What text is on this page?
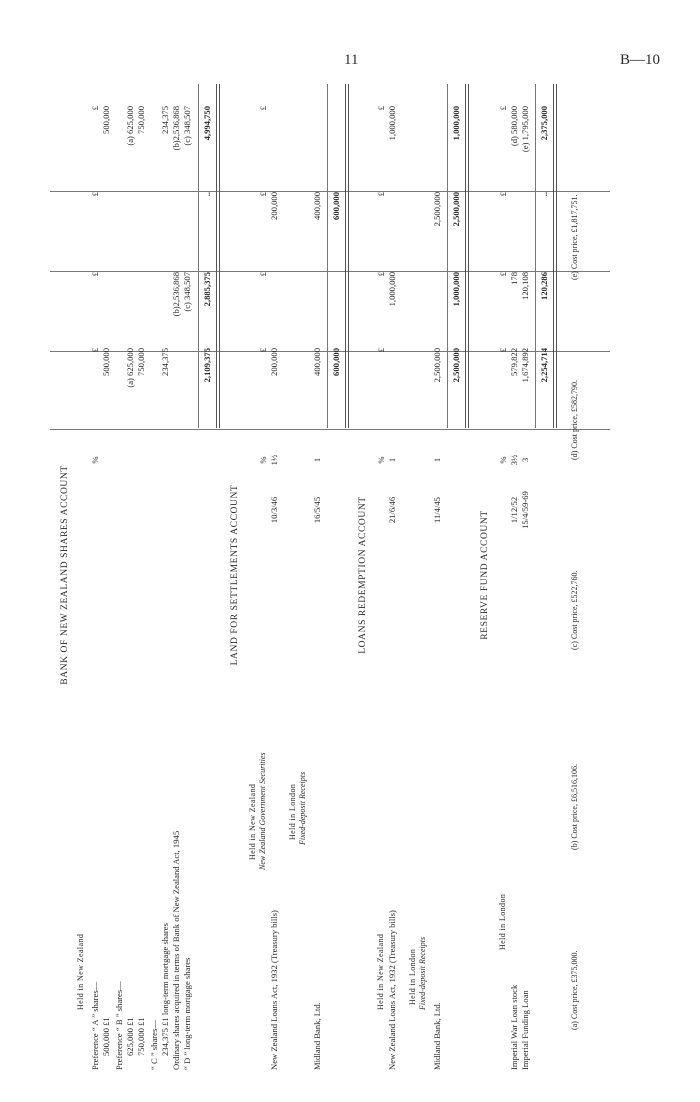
11	B—10
BANK OF NEW ZEALAND SHARES ACCOUNT
Held in New Zealand
%
£
£
£
£
Preference “ A ” shares— 500,000 £1
500,000
500,000
Preference “ B ” shares— 625,000 £1
(a) 625,000
(a) 625,000
750,000 £1
750,000
750,000
“ C ” shares— 234,375 £1 long-term mortgage shares
234,375
234,375
Ordinary shares acquired in terms of Bank of New Zealand Act, 1945
(b)2,536,868
(b)2,536,868
“ D ” long-term mortgage shares
(c) 348,507
(c) 348,507
2,109,375
2,885,375
..
4,994,750
LAND FOR SETTLEMENTS ACCOUNT
Held in New Zealand New Zealand Government Securities
%
£
£
£
£
New Zealand Loans Act, 1932 (Treasury bills)
10/3/46
1½
200,000
200,000
Held in London Fixed-deposit Receipts
Midland Bank, Ltd.
16/5/45
1
400,000
400,000
600,000
600,000
LOANS REDEMPTION ACCOUNT
Held in New Zealand
%
£
£
£
£
New Zealand Loans Act, 1932 (Treasury bills)
21/6/46
1
1,000,000
1,000,000
Held in London Fixed-deposit Receipts
Midland Bank, Ltd.
11/4/45
1
2,500,000
2,500,000
2,500,000
1,000,000
2,500,000
1,000,000
RESERVE FUND ACCOUNT
Held in London
%
£
£
£
£
Imperial War Loan stock
1/12/52
3½
579,822
178
(d) 580,000
Imperial Funding Loan
15/4/59-69
3
1,674,892
120,108
(e) 1,795,000
2,254,714
120,286
..
2,375,000
(a) Cost price, £375,000.
(b) Cost price, £6,516,106.
(c) Cost price, £522,760.
(d) Cost price, £582,790.
(e) Cost price, £1,817,751.
